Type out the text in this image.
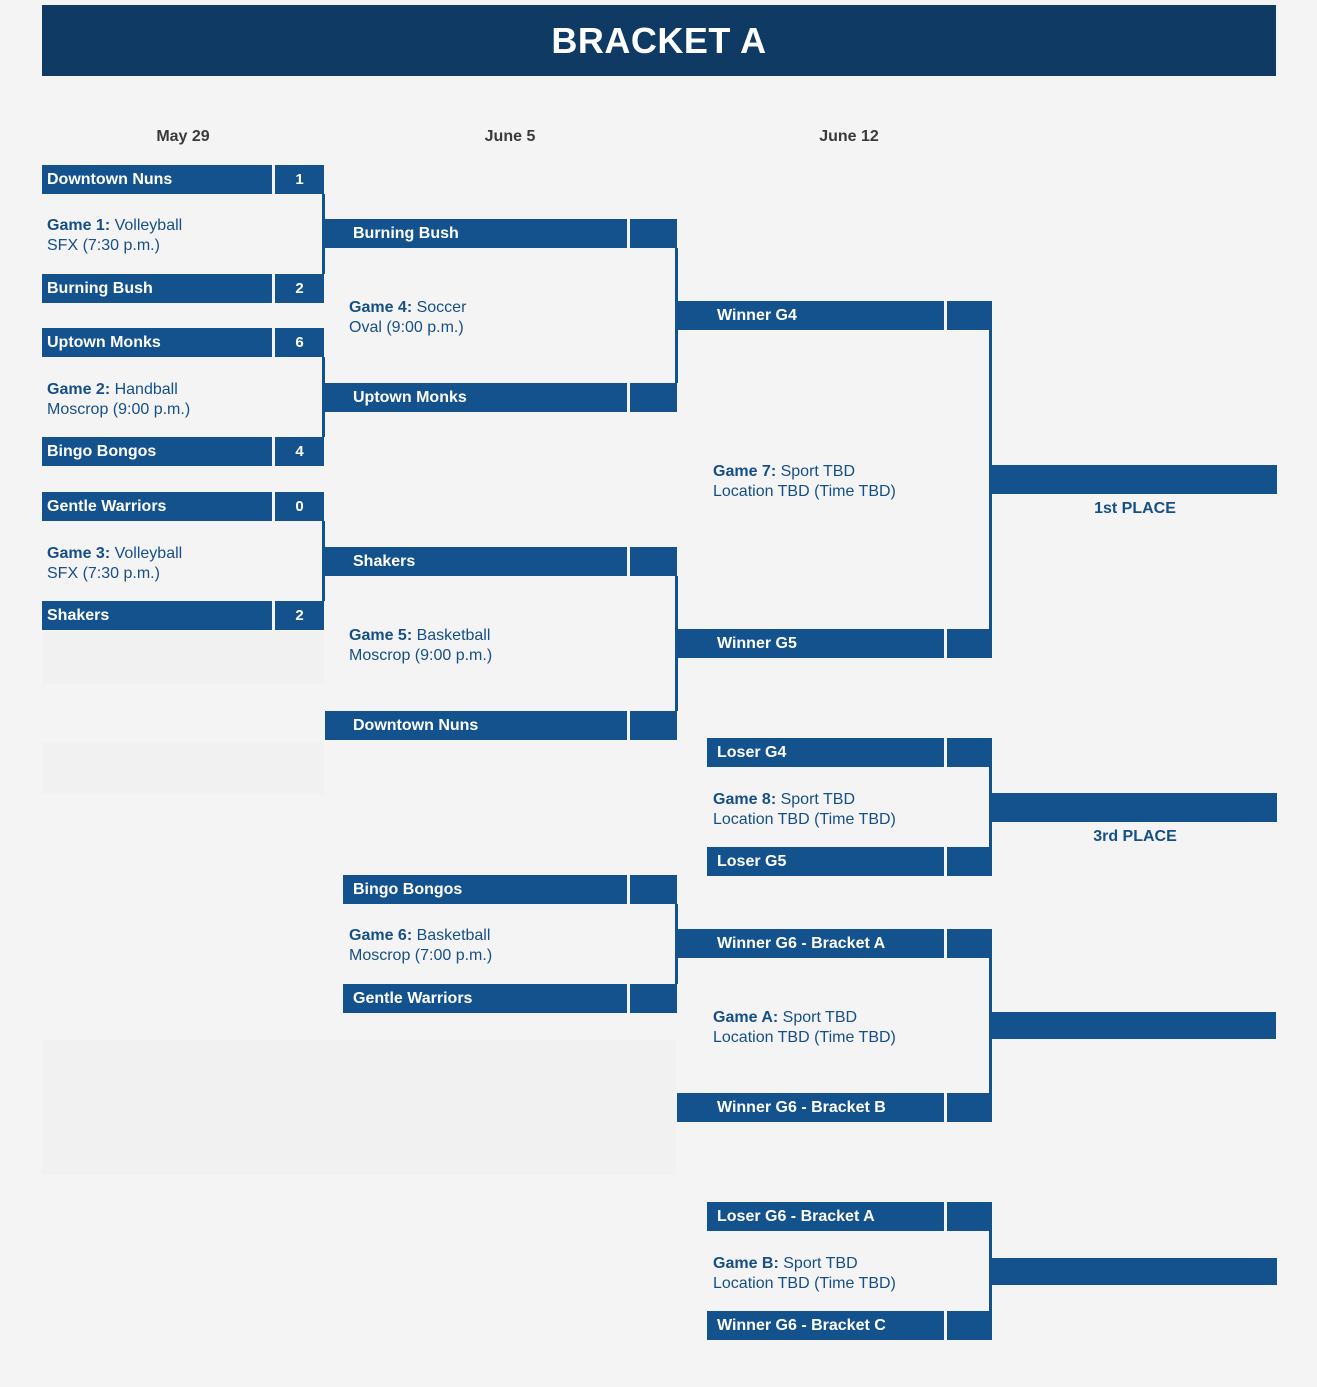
BRACKET A
May 29	June 5	June 12
Downtown Nuns	1
Burning Bush	2
Game 1: Volleyball
SFX (7:30 p.m.)
Uptown Monks	6
Bingo Bongos	4
Game 2: Handball
Moscrop (9:00 p.m.)
Gentle Warriors	0
Shakers	2
Game 3: Volleyball
SFX (7:30 p.m.)
Burning Bush
Uptown Monks
Game 4: Soccer
Oval (9:00 p.m.)
Shakers
Downtown Nuns
Game 5: Basketball
Moscrop (9:00 p.m.)
Bingo Bongos
Gentle Warriors
Game 6: Basketball
Moscrop (7:00 p.m.)
Winner G4
Winner G5
Game 7: Sport TBD
Location TBD (Time TBD)
1st PLACE
Loser G4
Loser G5
Game 8: Sport TBD
Location TBD (Time TBD)
3rd PLACE
Winner G6 - Bracket A
Winner G6 - Bracket B
Game A: Sport TBD
Location TBD (Time TBD)
Loser G6 - Bracket A
Winner G6 - Bracket C
Game B: Sport TBD
Location TBD (Time TBD)
